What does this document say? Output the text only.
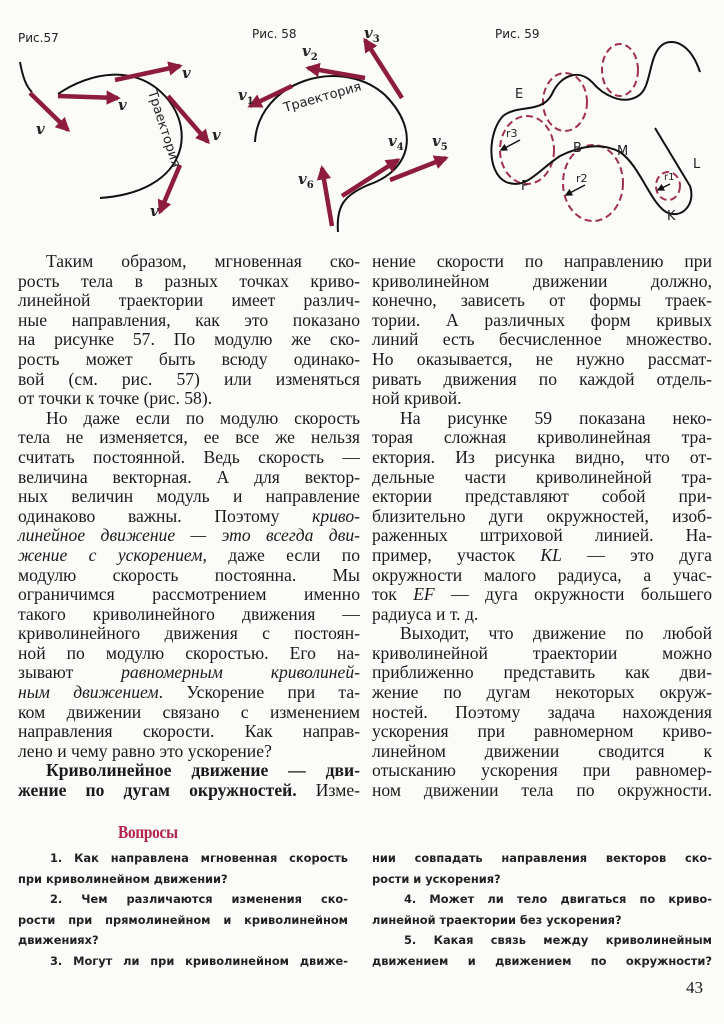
Рис.57
v
v
v
v
v
Траектория
Рис. 58
$v_1$
$v_2$
$v_3$
$v_4$ $v_5$
$v_6$
Траектория
Рис. 59
E
B	M
F
L
K
r3
r2	r1
Таким образом, мгновенная ско-
рость тела в разных точках криво-
линейной траектории имеет различ-
ные направления, как это показано
на рисунке 57. По модулю же ско-
рость может быть всюду одинако-
вой (см. рис. 57) или изменяться
от точки к точке (рис. 58).
Но даже если по модулю скорость
тела не изменяется, ее все же нельзя
считать постоянной. Ведь скорость —
величина векторная. А для вектор-
ных величин модуль и направление
одинаково важны. Поэтому криво-
линейное движение — это всегда дви-
жение с ускорением, даже если по
модулю скорость постоянна. Мы
ограничимся рассмотрением именно
такого криволинейного движения —
криволинейного движения с постоян-
ной по модулю скоростью. Его на-
зывают равномерным криволиней-
ным движением. Ускорение при та-
ком движении связано с изменением
направления скорости. Как направ-
лено и чему равно это ускорение?
Криволинейное движение — дви-
жение по дугам окружностей. Изме-
нение скорости по направлению при
криволинейном движении должно,
конечно, зависеть от формы траек-
тории. А различных форм кривых
линий есть бесчисленное множество.
Но оказывается, не нужно рассмат-
ривать движения по каждой отдель-
ной кривой.
На рисунке 59 показана неко-
торая сложная криволинейная тра-
ектория. Из рисунка видно, что от-
дельные части криволинейной тра-
ектории представляют собой при-
близительно дуги окружностей, изоб-
раженных штриховой линией. На-
пример, участок KL — это дуга
окружности малого радиуса, а учас-
ток EF — дуга окружности большего
радиуса и т. д.
Выходит, что движение по любой
криволинейной траектории можно
приближенно представить как дви-
жение по дугам некоторых окруж-
ностей. Поэтому задача нахождения
ускорения при равномерном криво-
линейном движении сводится к
отысканию ускорения при равномер-
ном движении тела по окружности.
Вопросы
1. Как направлена мгновенная скорость
при криволинейном движении?
2. Чем различаются изменения ско-
рости при прямолинейном и криволинейном
движениях?
3. Могут ли при криволинейном движе-
нии совпадать направления векторов ско-
рости и ускорения?
4. Может ли тело двигаться по криво-
линейной траектории без ускорения?
5. Какая связь между криволинейным
движением и движением по окружности?
43
